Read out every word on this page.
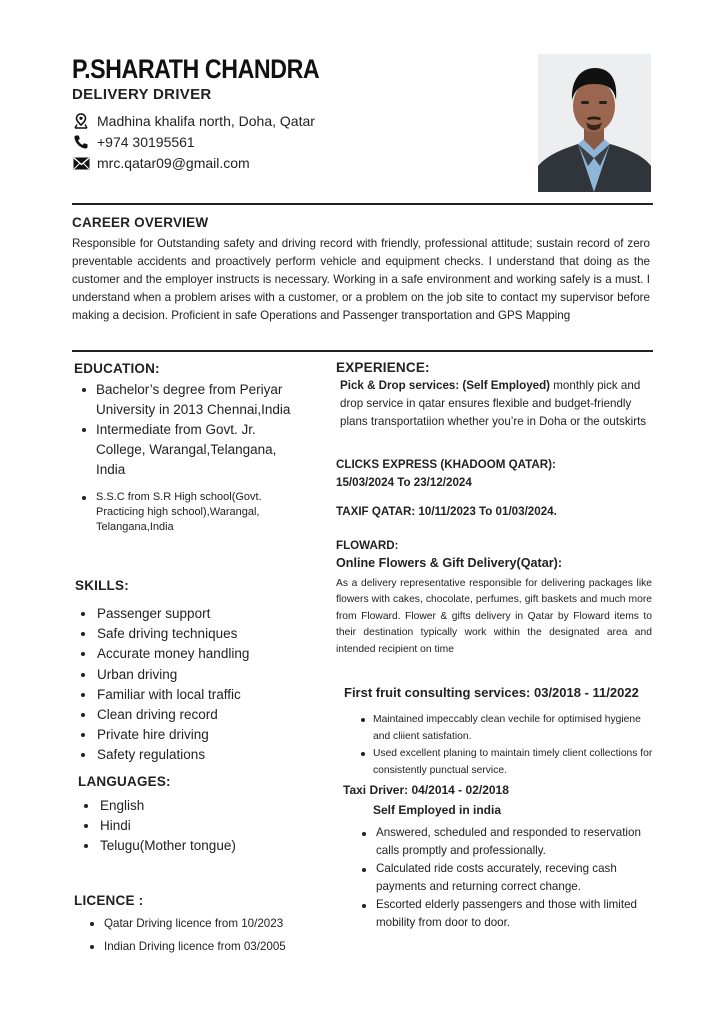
P.SHARATH CHANDRA
DELIVERY DRIVER
Madhina khalifa north, Doha, Qatar
+974 30195561
mrc.qatar09@gmail.com
CAREER OVERVIEW
Responsible for Outstanding safety and driving record with friendly, professional attitude; sustain record of zero preventable accidents and proactively perform vehicle and equipment checks. I understand that doing as the customer and the employer instructs is necessary. Working in a safe environment and working safely is a must. I understand when a problem arises with a customer, or a problem on the job site to contact my supervisor before making a decision. Proficient in safe Operations and Passenger transportation and GPS Mapping
EDUCATION:
Bachelor’s degree from Periyar University in 2013 Chennai,India
Intermediate from Govt. Jr. College, Warangal,Telangana, India
S.S.C from S.R High school(Govt. Practicing high school),Warangal, Telangana,India
SKILLS:
Passenger support
Safe driving techniques
Accurate money handling
Urban driving
Familiar with local traffic
Clean driving record
Private hire driving
Safety regulations
LANGUAGES:
English
Hindi
Telugu(Mother tongue)
LICENCE :
Qatar Driving licence from 10/2023
Indian Driving licence from 03/2005
EXPERIENCE:
Pick & Drop services: (Self Employed) monthly pick and drop service in qatar ensures flexible and budget-friendly plans transportatiion whether you’re in Doha or the outskirts
CLICKS EXPRESS (KHADOOM QATAR):
15/03/2024 To 23/12/2024
TAXIF QATAR: 10/11/2023 To 01/03/2024.
FLOWARD:
Online Flowers & Gift Delivery(Qatar):
As a delivery representative responsible for delivering packages like flowers with cakes, chocolate, perfumes, gift baskets and much more from Floward. Flower & gifts delivery in Qatar by Floward items to their destination typically work within the designated area and intended recipient on time
First fruit consulting services: 03/2018 - 11/2022
Maintained impeccably clean vechile for optimised hygiene and cliient satisfation.
Used excellent planing to maintain timely client collections for consistently punctual service.
Taxi Driver: 04/2014 - 02/2018
Self Employed in india
Answered, scheduled and responded to reservation calls promptly and professionally.
Calculated ride costs accurately, receving cash payments and returning correct change.
Escorted elderly passengers and those with limited mobility from door to door.
